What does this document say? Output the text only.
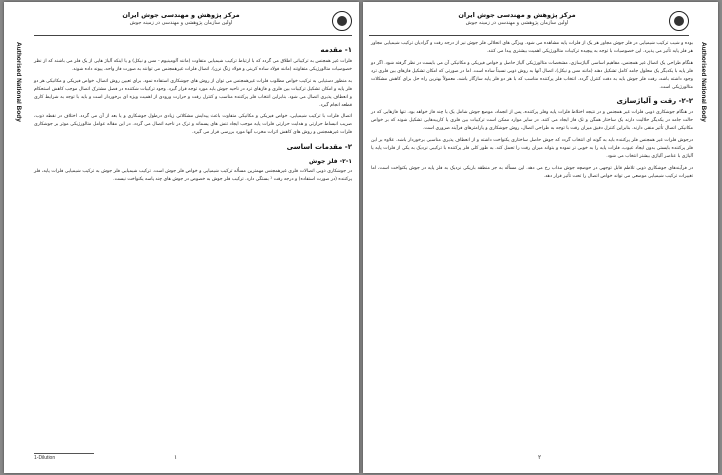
مرکز پژوهش و مهندسی جوش ایران
اولین سازمان پژوهشی و مهندسی در زمینه جوش
Authorised National Body	۱- مقدمه

فلزات غیر همجنس به ترکیباتی اطلاق می گردد که با ارتباط ترکیب شیمیایی متفاوت (مانند آلومینیوم - مس و نیکل) و یا اینکه آلیاژ هایی از یک فلز می باشند که از نظر خصوصیات متالورژیکی متفاوتند (مانند فولاد ساده کربنی و فولاد زنگ نزن). اتصال فلزات غیرهمجنس می توانند به صورت فاز واحد، پیوند داده شوند.

به منظور دستیابی به ترکیب خواص مطلوب فلزات غیرهمجنس می توان از روش های جوشکاری استفاده نمود. برای تعیین روش اتصال، خواص فیزیکی و مکانیکی هر دو فلز پایه و امکان تشکیل ترکیبات بین فلزی و فازهای ترد در ناحیه جوش باید مورد توجه قرار گیرد. وجود ترکیبات شکننده در فصل مشترک اتصال موجب کاهش استحکام و انعطاف پذیری اتصال می شود. بنابراین انتخاب فلز پرکننده مناسب و کنترل رقت و حرارت ورودی از اهمیت ویژه ای برخوردار است و باید با توجه به شرایط کاری قطعه انجام گیرد.

اتصال فلزات با ترکیب شیمیایی، خواص فیزیکی و مکانیکی متفاوت باعث پیدایش مشکلاتی زیادی درطول جوشکاری و یا بعد از آن می گردد. اختلاف در نقطه ذوب، ضریب انبساط حرارتی و هدایت حرارتی فلزات پایه موجب ایجاد تنش های پسماند و ترک در ناحیه اتصال می گردد. در این مقاله عوامل متالورژیکی موثر بر جوشکاری فلزات غیرهمجنس و روش های کاهش اثرات مخرب آنها مورد بررسی قرار می گیرد.

۲- مقدمات اساسی
۲-۱- فلز جوش

در جوشکاری ذوبی اتصالات فلزی غیرهمجنس مهمترین مسأله ترکیب شیمیایی و خواص فلز جوش است. ترکیب شیمیایی فلز جوش به ترکیب شیمیایی فلزات پایه، فلز پرکننده (در صورت استفاده) و درجه رقت ¹ بستگی دارد. ترکیب فلز جوش به خصوص در جوش های چند پاسه یکنواخت نیست.

1-Dilution	۱
مرکز پژوهش و مهندسی جوش ایران
اولین سازمان پژوهشی و مهندسی در زمینه جوش
Authorised National Body

بوده و شیب ترکیب شیمیایی در فلز جوش مجاور هر یک از فلزات پایه مشاهده می شود. ویژگی های انحلالی فلز جوش نیز از درجه رقت و گرادیان ترکیب شیمیایی مجاور هر فلز پایه تأثیر می پذیرد. این خصوصیات با توجه به پیچیده ترکیبات متالورژیکی اهمیت بیشتری پیدا می کنند.

هنگام طراحی یک اتصال غیر همجنس، مفاهیم اساسی آلیاژسازی، مشخصات متالورژیکی آلیاژ حاصل و خواص فیزیکی و مکانیکی آن می بایست در نظر گرفته شود. اگر دو فلز پایه با یکدیگر یک محلول جامد کامل تشکیل دهند (مانند مس و نیکل)، اتصال آنها به روش ذوبی نسبتاً ساده است. اما در صورتی که امکان تشکیل فازهای بین فلزی ترد وجود داشته باشد، رقت فلز جوش باید به دقت کنترل گردد. انتخاب فلز پرکننده مناسب که با هر دو فلز پایه سازگار باشد، معمولاً بهترین راه حل برای کاهش مشکلات متالورژیکی است.

۲-۲- رقت و آلیاژسازی

در هنگام جوشکاری ذوبی فلزات غیر همجنس و در نتیجه اختلاط فلزات پایه وفلز پرکننده، پس از انجماد، موضع جوش شامل یک یا چند فاز خواهد بود. تنها فازهایی که در حالت جامد در یکدیگر حلالیت دارند یک ساختار همگن و تک فاز ایجاد می کنند. در سایر موارد ممکن است ترکیبات بین فلزی یا کاربیدهایی تشکیل شوند که بر خواص مکانیکی اتصال تأثیر منفی دارند. بنابراین کنترل دقیق میزان رقت با توجه به طراحی اتصال، روش جوشکاری و پارامترهای فرآیند ضروری است.

درجوش فلزات غیر همجنس فلز پرکننده باید به گونه ای انتخاب گردد که جوش حاصل ساختاری یکنواخت داشته و از انعطاف پذیری مناسبی برخوردار باشد. علاوه بر این فلز پرکننده بایستی بدون ایجاد عیوب، فلزات پایه را به خوبی تر نموده و بتواند میزان رقت را تحمل کند. به طور کلی فلز پرکننده با ترکیبی نزدیک به یکی از فلزات پایه یا آلیاژی با عناصر آلیاژی بیشتر انتخاب می شود.

در فرآیندهای جوشکاری ذوبی تلاطم قابل توجهی در حوضچه جوش مذاب رخ می دهد. این مسأله به جز منطقه باریکی نزدیک به فلز پایه در جوش یکنواخت است، اما تغییرات ترکیب شیمیایی موضعی می تواند خواص اتصال را تحت تأثیر قرار دهد.

۲
